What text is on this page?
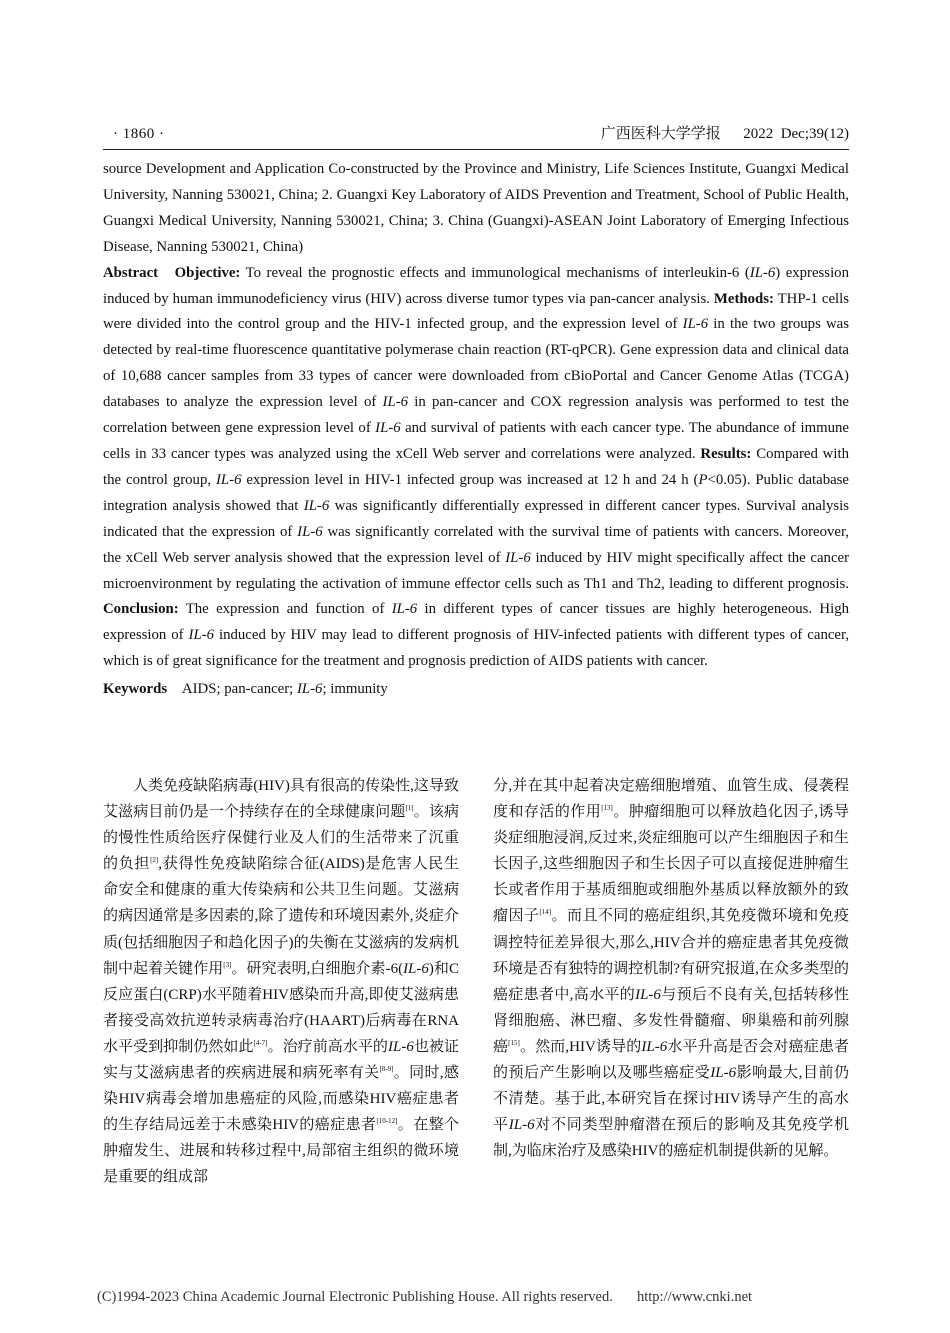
· 1860 ·	广西医科大学学报      2022  Dec;39(12)

source Development and Application Co-constructed by the Province and Ministry, Life Sciences Institute, Guangxi Medical University, Nanning 530021, China; 2. Guangxi Key Laboratory of AIDS Prevention and Treatment, School of Public Health, Guangxi Medical University, Nanning 530021, China; 3. China (Guangxi)-ASEAN Joint Laboratory of Emerging Infectious Disease, Nanning 530021, China)

Abstract Objective: To reveal the prognostic effects and immunological mechanisms of interleukin-6 (IL-6) expression induced by human immunodeficiency virus (HIV) across diverse tumor types via pan-cancer analysis. Methods: THP-1 cells were divided into the control group and the HIV-1 infected group, and the expression level of IL-6 in the two groups was detected by real-time fluorescence quantitative polymerase chain reaction (RT-qPCR). Gene expression data and clinical data of 10,688 cancer samples from 33 types of cancer were downloaded from cBioPortal and Cancer Genome Atlas (TCGA) databases to analyze the expression level of IL-6 in pan-cancer and COX regression analysis was performed to test the correlation between gene expression level of IL-6 and survival of patients with each cancer type. The abundance of immune cells in 33 cancer types was analyzed using the xCell Web server and correlations were analyzed. Results: Compared with the control group, IL-6 expression level in HIV-1 infected group was increased at 12 h and 24 h (P<0.05). Public database integration analysis showed that IL-6 was significantly differentially expressed in different cancer types. Survival analysis indicated that the expression of IL-6 was significantly correlated with the survival time of patients with cancers. Moreover, the xCell Web server analysis showed that the expression level of IL-6 induced by HIV might specifically affect the cancer microenvironment by regulating the activation of immune effector cells such as Th1 and Th2, leading to different prognosis. Conclusion: The expression and function of IL-6 in different types of cancer tissues are highly heterogeneous. High expression of IL-6 induced by HIV may lead to different prognosis of HIV-infected patients with different types of cancer, which is of great significance for the treatment and prognosis prediction of AIDS patients with cancer.

Keywords AIDS; pan-cancer; IL-6; immunity

人类免疫缺陷病毒(HIV)具有很高的传染性,这导致艾滋病目前仍是一个持续存在的全球健康问题[1]。该病的慢性性质给医疗保健行业及人们的生活带来了沉重的负担[2],获得性免疫缺陷综合征(AIDS)是危害人民生命安全和健康的重大传染病和公共卫生问题。艾滋病的病因通常是多因素的,除了遗传和环境因素外,炎症介质(包括细胞因子和趋化因子)的失衡在艾滋病的发病机制中起着关键作用[3]。研究表明,白细胞介素-6(IL-6)和C反应蛋白(CRP)水平随着HIV感染而升高,即使艾滋病患者接受高效抗逆转录病毒治疗(HAART)后病毒在RNA水平受到抑制仍然如此[4-7]。治疗前高水平的IL-6也被证实与艾滋病患者的疾病进展和病死率有关[8-9]。同时,感染HIV病毒会增加患癌症的风险,而感染HIV癌症患者的生存结局远差于未感染HIV的癌症患者[10-12]。在整个肿瘤发生、进展和转移过程中,局部宿主组织的微环境是重要的组成部

分,并在其中起着决定癌细胞增殖、血管生成、侵袭程度和存活的作用[13]。肿瘤细胞可以释放趋化因子,诱导炎症细胞浸润,反过来,炎症细胞可以产生细胞因子和生长因子,这些细胞因子和生长因子可以直接促进肿瘤生长或者作用于基质细胞或细胞外基质以释放额外的致瘤因子[14]。而且不同的癌症组织,其免疫微环境和免疫调控特征差异很大,那么,HIV合并的癌症患者其免疫微环境是否有独特的调控机制?有研究报道,在众多类型的癌症患者中,高水平的IL-6与预后不良有关,包括转移性肾细胞癌、淋巴瘤、多发性骨髓瘤、卵巢癌和前列腺癌[15]。然而,HIV诱导的IL-6水平升高是否会对癌症患者的预后产生影响以及哪些癌症受IL-6影响最大,目前仍不清楚。基于此,本研究旨在探讨HIV诱导产生的高水平IL-6对不同类型肿瘤潜在预后的影响及其免疫学机制,为临床治疗及感染HIV的癌症机制提供新的见解。

(C)1994-2023 China Academic Journal Electronic Publishing House. All rights reserved. http://www.cnki.net
